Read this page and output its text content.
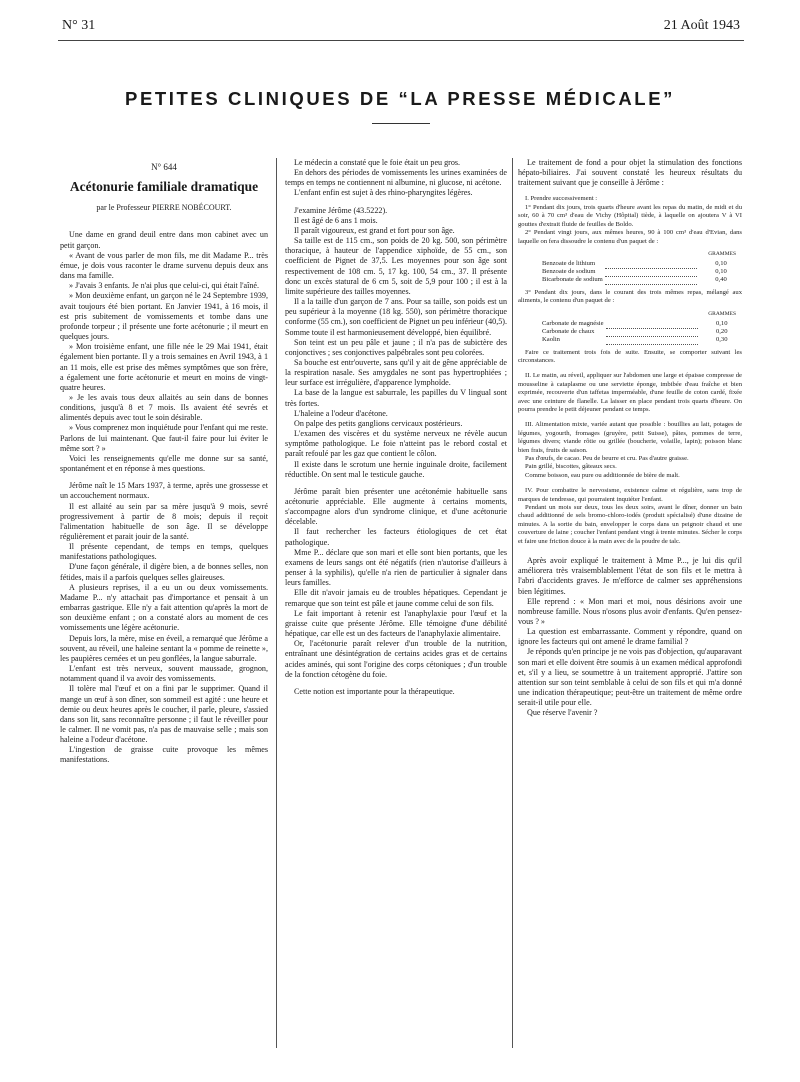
N° 31	21 Août 1943
PETITES CLINIQUES DE “LA PRESSE MÉDICALE”
N° 644
Acétonurie familiale dramatique
par le Professeur PIERRE NOBÉCOURT.

Une dame en grand deuil entre dans mon cabinet avec un petit garçon.

« Avant de vous parler de mon fils, me dit Madame P... très émue, je dois vous raconter le drame survenu depuis deux ans dans ma famille.

» J'avais 3 enfants. Je n'ai plus que celui-ci, qui était l'aîné.

» Mon deuxième enfant, un garçon né le 24 Septembre 1939, avait toujours été bien portant. En Janvier 1941, à 16 mois, il est pris subitement de vomissements et tombe dans une profonde torpeur ; il présente une forte acétonurie ; il meurt en quelques jours.

» Mon troisième enfant, une fille née le 29 Mai 1941, était également bien portante. Il y a trois semaines en Avril 1943, à 1 an 11 mois, elle est prise des mêmes symptômes que son frère, a également une forte acétonurie et meurt en moins de vingt-quatre heures.

» Je les avais tous deux allaités au sein dans de bonnes conditions, jusqu'à 8 et 7 mois. Ils avaient été sevrés et alimentés depuis avec tout le soin désirable.

» Vous comprenez mon inquiétude pour l'enfant qui me reste. Parlons de lui maintenant. Que faut-il faire pour lui éviter le même sort ? »

Voici les renseignements qu'elle me donne sur sa santé, spontanément et en réponse à mes questions.

Jérôme naît le 15 Mars 1937, à terme, après une grossesse et un accouchement normaux.

Il est allaité au sein par sa mère jusqu'à 9 mois, sevré progressivement à partir de 8 mois; depuis il reçoit l'alimentation habituelle de son âge. Il se développe régulièrement et parait jouir de la santé.

Il présente cependant, de temps en temps, quelques manifestations pathologiques.

D'une façon générale, il digère bien, a de bonnes selles, non fétides, mais il a parfois quelques selles glaireuses.

A plusieurs reprises, il a eu un ou deux vomissements. Madame P... n'y attachait pas d'importance et pensait à un embarras gastrique. Elle n'y a fait attention qu'après la mort de son deuxième enfant ; on a constaté alors au moment de ces vomissements une légère acétonurie.

Depuis lors, la mère, mise en éveil, a remarqué que Jérôme a souvent, au réveil, une haleine sentant la « pomme de reinette », les paupières cernées et un peu gonflées, la langue saburrale.

L'enfant est très nerveux, souvent maussade, grognon, notamment quand il va avoir des vomissements.

Il tolère mal l'œuf et on a fini par le supprimer. Quand il mange un œuf à son dîner, son sommeil est agité : une heure et demie ou deux heures après le coucher, il parle, pleure, s'assied dans son lit, sans reconnaître personne ; il faut le réveiller pour le calmer. Il ne vomit pas, n'a pas de mauvaise selle ; mais son haleine a l'odeur d'acétone.

L'ingestion de graisse cuite provoque les mêmes manifestations.

Le médecin a constaté que le foie était un peu gros.

En dehors des périodes de vomissements les urines examinées de temps en temps ne contiennent ni albumine, ni glucose, ni acétone.

L'enfant enfin est sujet à des rhino-pharyngites légères.

J'examine Jérôme (43.5222).

Il est âgé de 6 ans 1 mois.

Il paraît vigoureux, est grand et fort pour son âge.

Sa taille est de 115 cm., son poids de 20 kg. 500, son périmètre thoracique, à hauteur de l'appendice xiphoïde, de 55 cm., son coefficient de Pignet de 37,5. Les moyennes pour son âge sont respectivement de 108 cm. 5, 17 kg. 100, 54 cm., 37. Il présente donc un excès statural de 6 cm 5, soit de 5,9 pour 100 ; il est à la limite supérieure des tailles moyennes.

Il a la taille d'un garçon de 7 ans. Pour sa taille, son poids est un peu supérieur à la moyenne (18 kg. 550), son périmètre thoracique conforme (55 cm.), son coefficient de Pignet un peu inférieur (40,5). Somme toute il est harmonieusement développé, bien équilibré.

Son teint est un peu pâle et jaune ; il n'a pas de subictère des conjonctives ; ses conjonctives palpébrales sont peu colorées.

Sa bouche est entr'ouverte, sans qu'il y ait de gêne appréciable de la respiration nasale. Ses amygdales ne sont pas hypertrophiées ; leur surface est irrégulière, d'apparence lymphoïde.

La base de la langue est saburrale, les papilles du V lingual sont très fortes.

L'haleine a l'odeur d'acétone.

On palpe des petits ganglions cervicaux postérieurs.

L'examen des viscères et du système nerveux ne révèle aucun symptôme pathologique. Le foie n'atteint pas le rebord costal et paraît refoulé par les gaz que contient le côlon.

Il existe dans le scrotum une hernie inguinale droite, facilement réductible. On sent mal le testicule gauche.

Jérôme paraît bien présenter une acétonémie habituelle sans acétonurie appréciable. Elle augmente à certains moments, s'accompagne alors d'un syndrome clinique, et d'une acétonurie décelable.

Il faut rechercher les facteurs étiologiques de cet état pathologique.

Mme P... déclare que son mari et elle sont bien portants, que les examens de leurs sangs ont été négatifs (rien n'autorise d'ailleurs à penser à la syphilis), qu'elle n'a rien de particulier à signaler dans leurs familles.

Elle dit n'avoir jamais eu de troubles hépatiques. Cependant je remarque que son teint est pâle et jaune comme celui de son fils.

Le fait important à retenir est l'anaphylaxie pour l'œuf et la graisse cuite que présente Jérôme. Elle témoigne d'une débilité hépatique, car elle est un des facteurs de l'anaphylaxie alimentaire.

Or, l'acétonurie paraît relever d'un trouble de la nutrition, entraînant une désintégration de certains acides gras et de certains acides aminés, qui sont l'origine des corps cétoniques ; d'un trouble de la fonction cétogène du foie.

Cette notion est importante pour la thérapeutique.

Le traitement de fond a pour objet la stimulation des fonctions hépato-biliaires. J'ai souvent constaté les heureux résultats du traitement suivant que je conseille à Jérôme :

I. Prendre successivement :

1° Pendant dix jours, trois quarts d'heure avant les repas du matin, de midi et du soir, 60 à 70 cm³ d'eau de Vichy (Hôpital) tiède, à laquelle on ajoutera V à VI gouttes d'extrait fluide de feuilles de Boldo.

2° Pendant vingt jours, aux mêmes heures, 90 à 100 cm³ d'eau d'Evian, dans laquelle on fera dissoudre le contenu d'un paquet de :

GRAMMES
Benzoate de lithium		0,10
Benzoate de sodium		0,10
Bicarbonate de sodium		0,40

3° Pendant dix jours, dans le courant des trois mêmes repas, mélangé aux aliments, le contenu d'un paquet de :

GRAMMES
Carbonate de magnésie		0,10
Carbonate de chaux		0,20
Kaolin		0,30

Faire ce traitement trois fois de suite. Ensuite, se comporter suivant les circonstances.

II. Le matin, au réveil, appliquer sur l'abdomen une large et épaisse compresse de mousseline à cataplasme ou une serviette éponge, imbibée d'eau fraîche et bien exprimée, recouverte d'un taffetas imperméable, d'une feuille de coton cardé, fixée avec une ceinture de flanelle. La laisser en place pendant trois quarts d'heure. On pourra prendre le petit déjeuner pendant ce temps.

III. Alimentation mixte, variée autant que possible : bouillies au lait, potages de légumes, yogourth, fromages (gruyère, petit Suisse), pâtes, pommes de terre, légumes divers; viande rôtie ou grillée (boucherie, volaille, lapin); poisson blanc bien frais, fruits de saison.

Pas d'œufs, de cacao. Peu de beurre et cru. Pas d'autre graisse.

Pain grillé, biscottes, gâteaux secs.

Comme boisson, eau pure ou additionnée de bière de malt.

IV. Pour combattre le nervosisme, existence calme et régulière, sans trop de marques de tendresse, qui pourraient inquiéter l'enfant.

Pendant un mois sur deux, tous les deux soirs, avant le dîner, donner un bain chaud additionné de sels bromo-chloro-iodés (produit spécialisé) d'une dizaine de minutes. A la sortie du bain, envelopper le corps dans un peignoir chaud et une couverture de laine ; coucher l'enfant pendant vingt à trente minutes. Sécher le corps et faire une friction douce à la main avec de la poudre de talc.

Après avoir expliqué le traitement à Mme P..., je lui dis qu'il améliorera très vraisemblablement l'état de son fils et le mettra à l'abri d'accidents graves. Je m'efforce de calmer ses appréhensions bien légitimes.

Elle reprend : « Mon mari et moi, nous désirions avoir une nombreuse famille. Nous n'osons plus avoir d'enfants. Qu'en pensez-vous ? »

La question est embarrassante. Comment y répondre, quand on ignore les facteurs qui ont amené le drame familial ?

Je réponds qu'en principe je ne vois pas d'objection, qu'auparavant son mari et elle doivent être soumis à un examen médical approfondi et, s'il y a lieu, se soumettre à un traitement approprié. J'attire son attention sur son teint semblable à celui de son fils et qui m'a donné une indication thérapeutique; peut-être un traitement de même ordre serait-il utile pour elle.

Que réserve l'avenir ?
